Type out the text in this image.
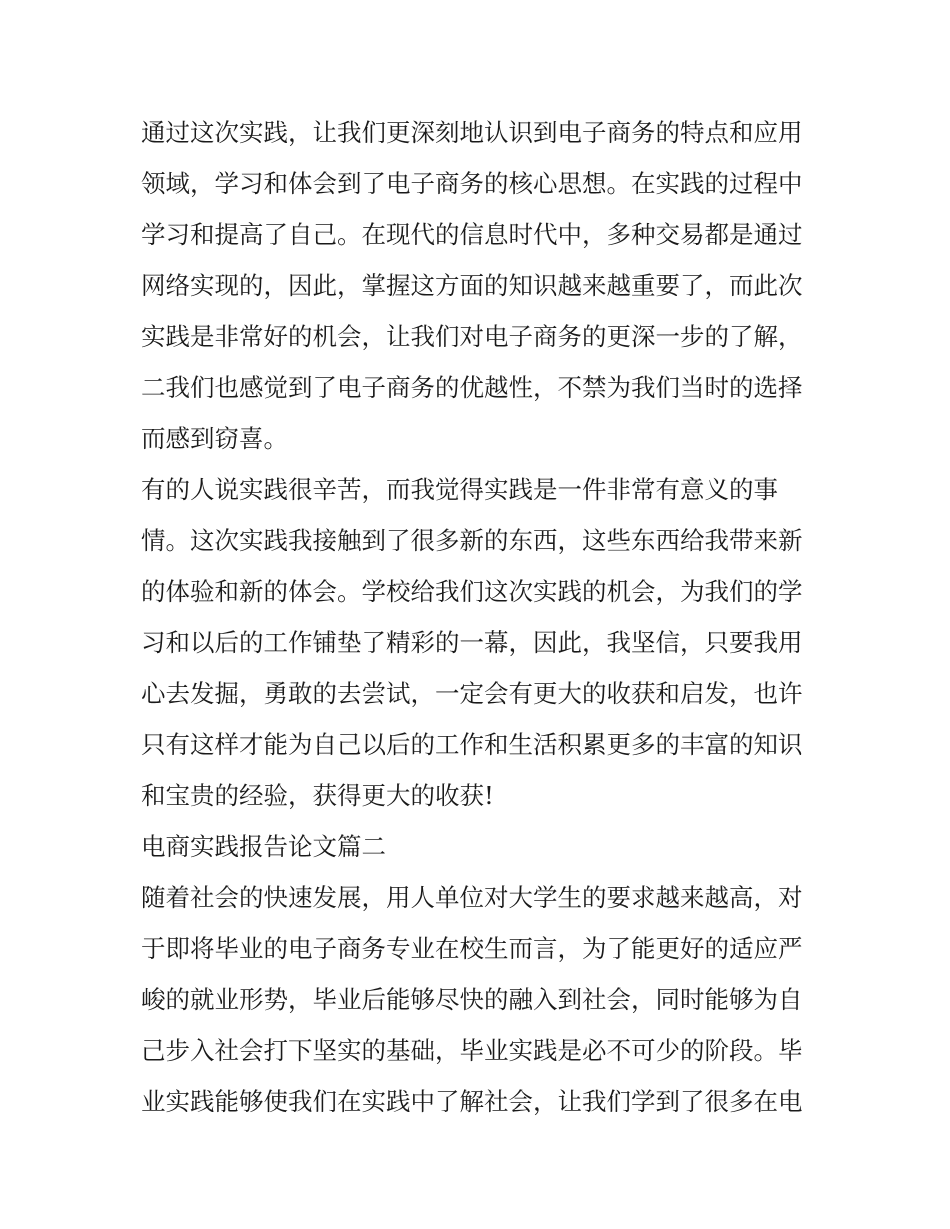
通过这次实践，让我们更深刻地认识到电子商务的特点和应用
领域，学习和体会到了电子商务的核心思想。在实践的过程中
学习和提高了自己。在现代的信息时代中，多种交易都是通过
网络实现的，因此，掌握这方面的知识越来越重要了，而此次
实践是非常好的机会，让我们对电子商务的更深一步的了解，
二我们也感觉到了电子商务的优越性，不禁为我们当时的选择
而感到窃喜。
有的人说实践很辛苦，而我觉得实践是一件非常有意义的事
情。这次实践我接触到了很多新的东西，这些东西给我带来新
的体验和新的体会。学校给我们这次实践的机会，为我们的学
习和以后的工作铺垫了精彩的一幕，因此，我坚信，只要我用
心去发掘，勇敢的去尝试，一定会有更大的收获和启发，也许
只有这样才能为自己以后的工作和生活积累更多的丰富的知识
和宝贵的经验，获得更大的收获!
电商实践报告论文篇二
随着社会的快速发展，用人单位对大学生的要求越来越高，对
于即将毕业的电子商务专业在校生而言，为了能更好的适应严
峻的就业形势，毕业后能够尽快的融入到社会，同时能够为自
己步入社会打下坚实的基础，毕业实践是必不可少的阶段。毕
业实践能够使我们在实践中了解社会，让我们学到了很多在电
